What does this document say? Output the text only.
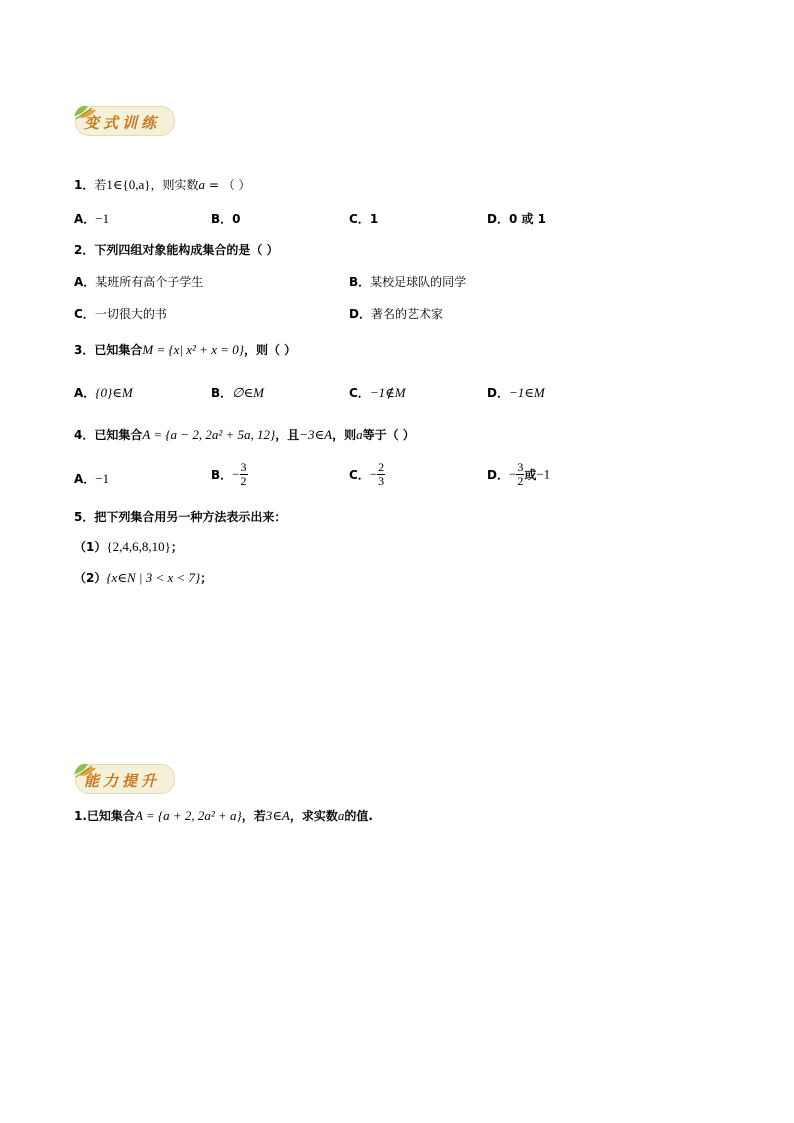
变式训练
1．若1∈{0,a}，则实数a = （ ）
A．−1	B．0	C．1	D．0 或 1
2．下列四组对象能构成集合的是（ ）
A．某班所有高个子学生	B．某校足球队的同学
C．一切很大的书	D．著名的艺术家
3．已知集合M = {x| x² + x = 0}，则（ ）
A．{0}∈M	B．∅∈M	C．−1∉M	D．−1∈M
4．已知集合A = {a − 2, 2a² + 5a, 12}，且−3∈A，则a等于（ ）
A．−1	B．− $\frac{3}{2}$	C．− $\frac{2}{3}$	D．− $\frac{3}{2}$ 或−1
5．把下列集合用另一种方法表示出来：
（1）{2,4,6,8,10}；
（2）{x∈N | 3 < x < 7}；
能力提升
1.已知集合A = {a + 2, 2a² + a}，若3∈A，求实数a的值.
